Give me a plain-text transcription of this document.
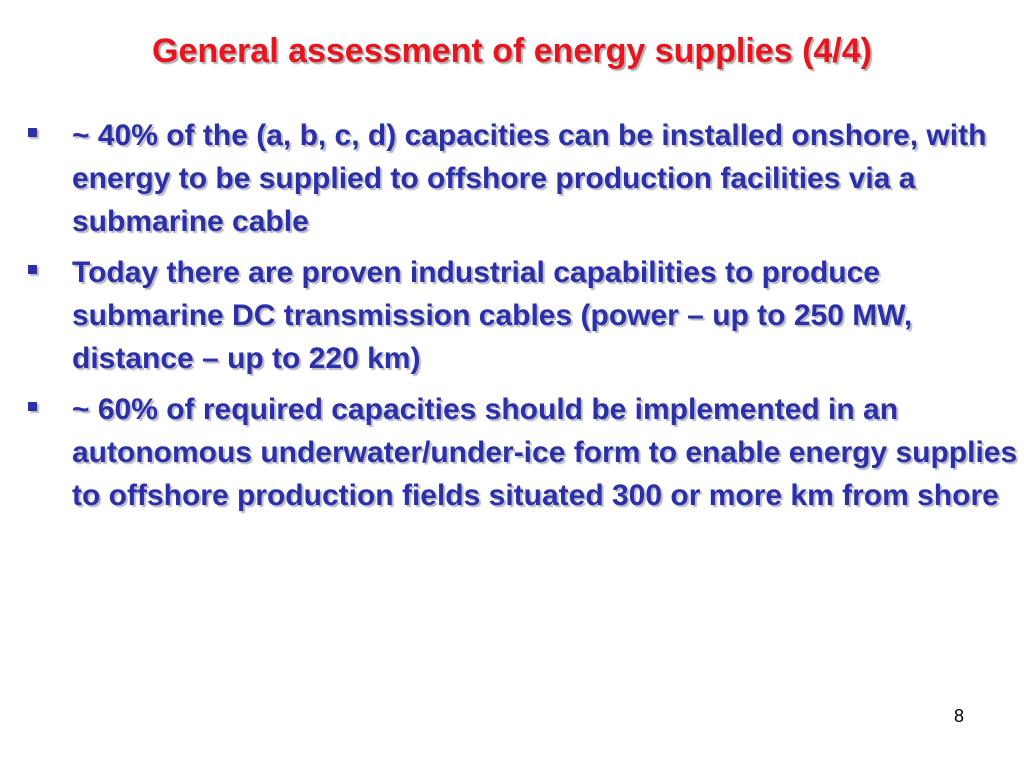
General assessment of energy supplies (4/4)
~ 40% of the (a, b, c, d) capacities can be installed onshore, with energy to be supplied to offshore production facilities via a submarine cable
Today there are proven industrial capabilities to produce submarine DC transmission cables (power – up to 250 MW, distance – up to 220 km)
~ 60% of required capacities should be implemented in an autonomous underwater/under-ice form to enable energy supplies to offshore production fields situated 300 or more km from shore
8
